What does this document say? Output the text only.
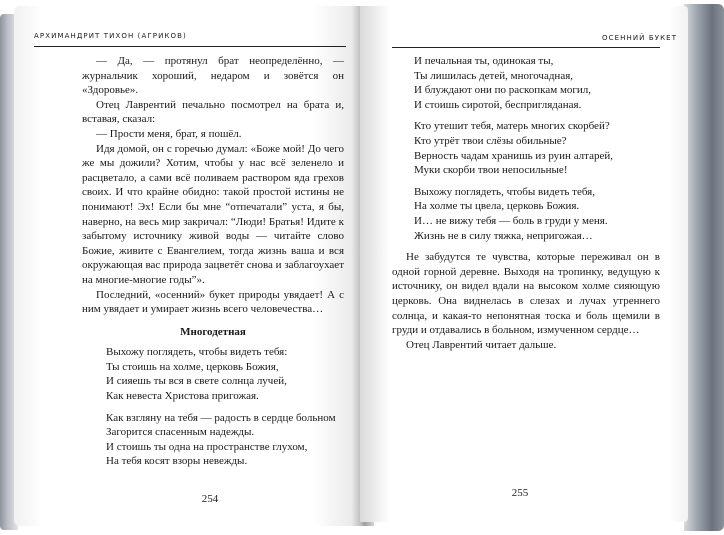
АРХИМАНДРИТ ТИХОН (АГРИКОВ)

— Да, — протянул брат неопределённо, — журнальчик хороший, недаром и зовётся он «Здоровье».

Отец Лаврентий печально посмотрел на брата и, вставая, сказал:

— Прости меня, брат, я пошёл.

Идя домой, он с горечью думал: «Боже мой! До чего же мы дожили? Хотим, чтобы у нас всё зеленело и расцветало, а сами всё поливаем раствором яда грехов своих. И что крайне обидно: такой простой истины не понимают! Эх! Если бы мне “отпечатали” уста, я бы, наверно, на весь мир закричал: “Люди! Братья! Идите к забытому источнику живой воды — читайте слово Божие, живите с Евангелием, тогда жизнь ваша и вся окружающая вас природа зацветёт снова и заблагоухает на многие-многие годы”».

Последний, «осенний» букет природы увядает! А с ним увядает и умирает жизнь всего человечества…

Многодетная
Выхожу поглядеть, чтобы видеть тебя:
Ты стоишь на холме, церковь Божия,
И сияешь ты вся в свете солнца лучей,
Как невеста Христова пригожая.
Как взгляну на тебя — радость в сердце больном
Загорится спасенным надежды.
И стоишь ты одна на пространстве глухом,
На тебя косят взоры невежды.
254
ОСЕННИЙ БУКЕТ
И печальная ты, одинокая ты,
Ты лишилась детей, многочадная,
И блуждают они по раскопкам могил,
И стоишь сиротой, беспригляданая.
Кто утешит тебя, матерь многих скорбей?
Кто утрёт твои слёзы обильные?
Верность чадам хранишь из руин алтарей,
Муки скорби твои непосильные!
Выхожу поглядеть, чтобы видеть тебя,
На холме ты цвела, церковь Божия.
И… не вижу тебя — боль в груди у меня.
Жизнь не в силу тяжка, непригожая…

Не забудутся те чувства, которые переживал он в одной горной деревне. Выходя на тропинку, ведущую к источнику, он видел вдали на высоком холме сияющую церковь. Она виднелась в слезах и лучах утреннего солнца, и какая-то непонятная тоска и боль щемили в груди и отдавались в больном, измученном сердце…

Отец Лаврентий читает дальше.

255
